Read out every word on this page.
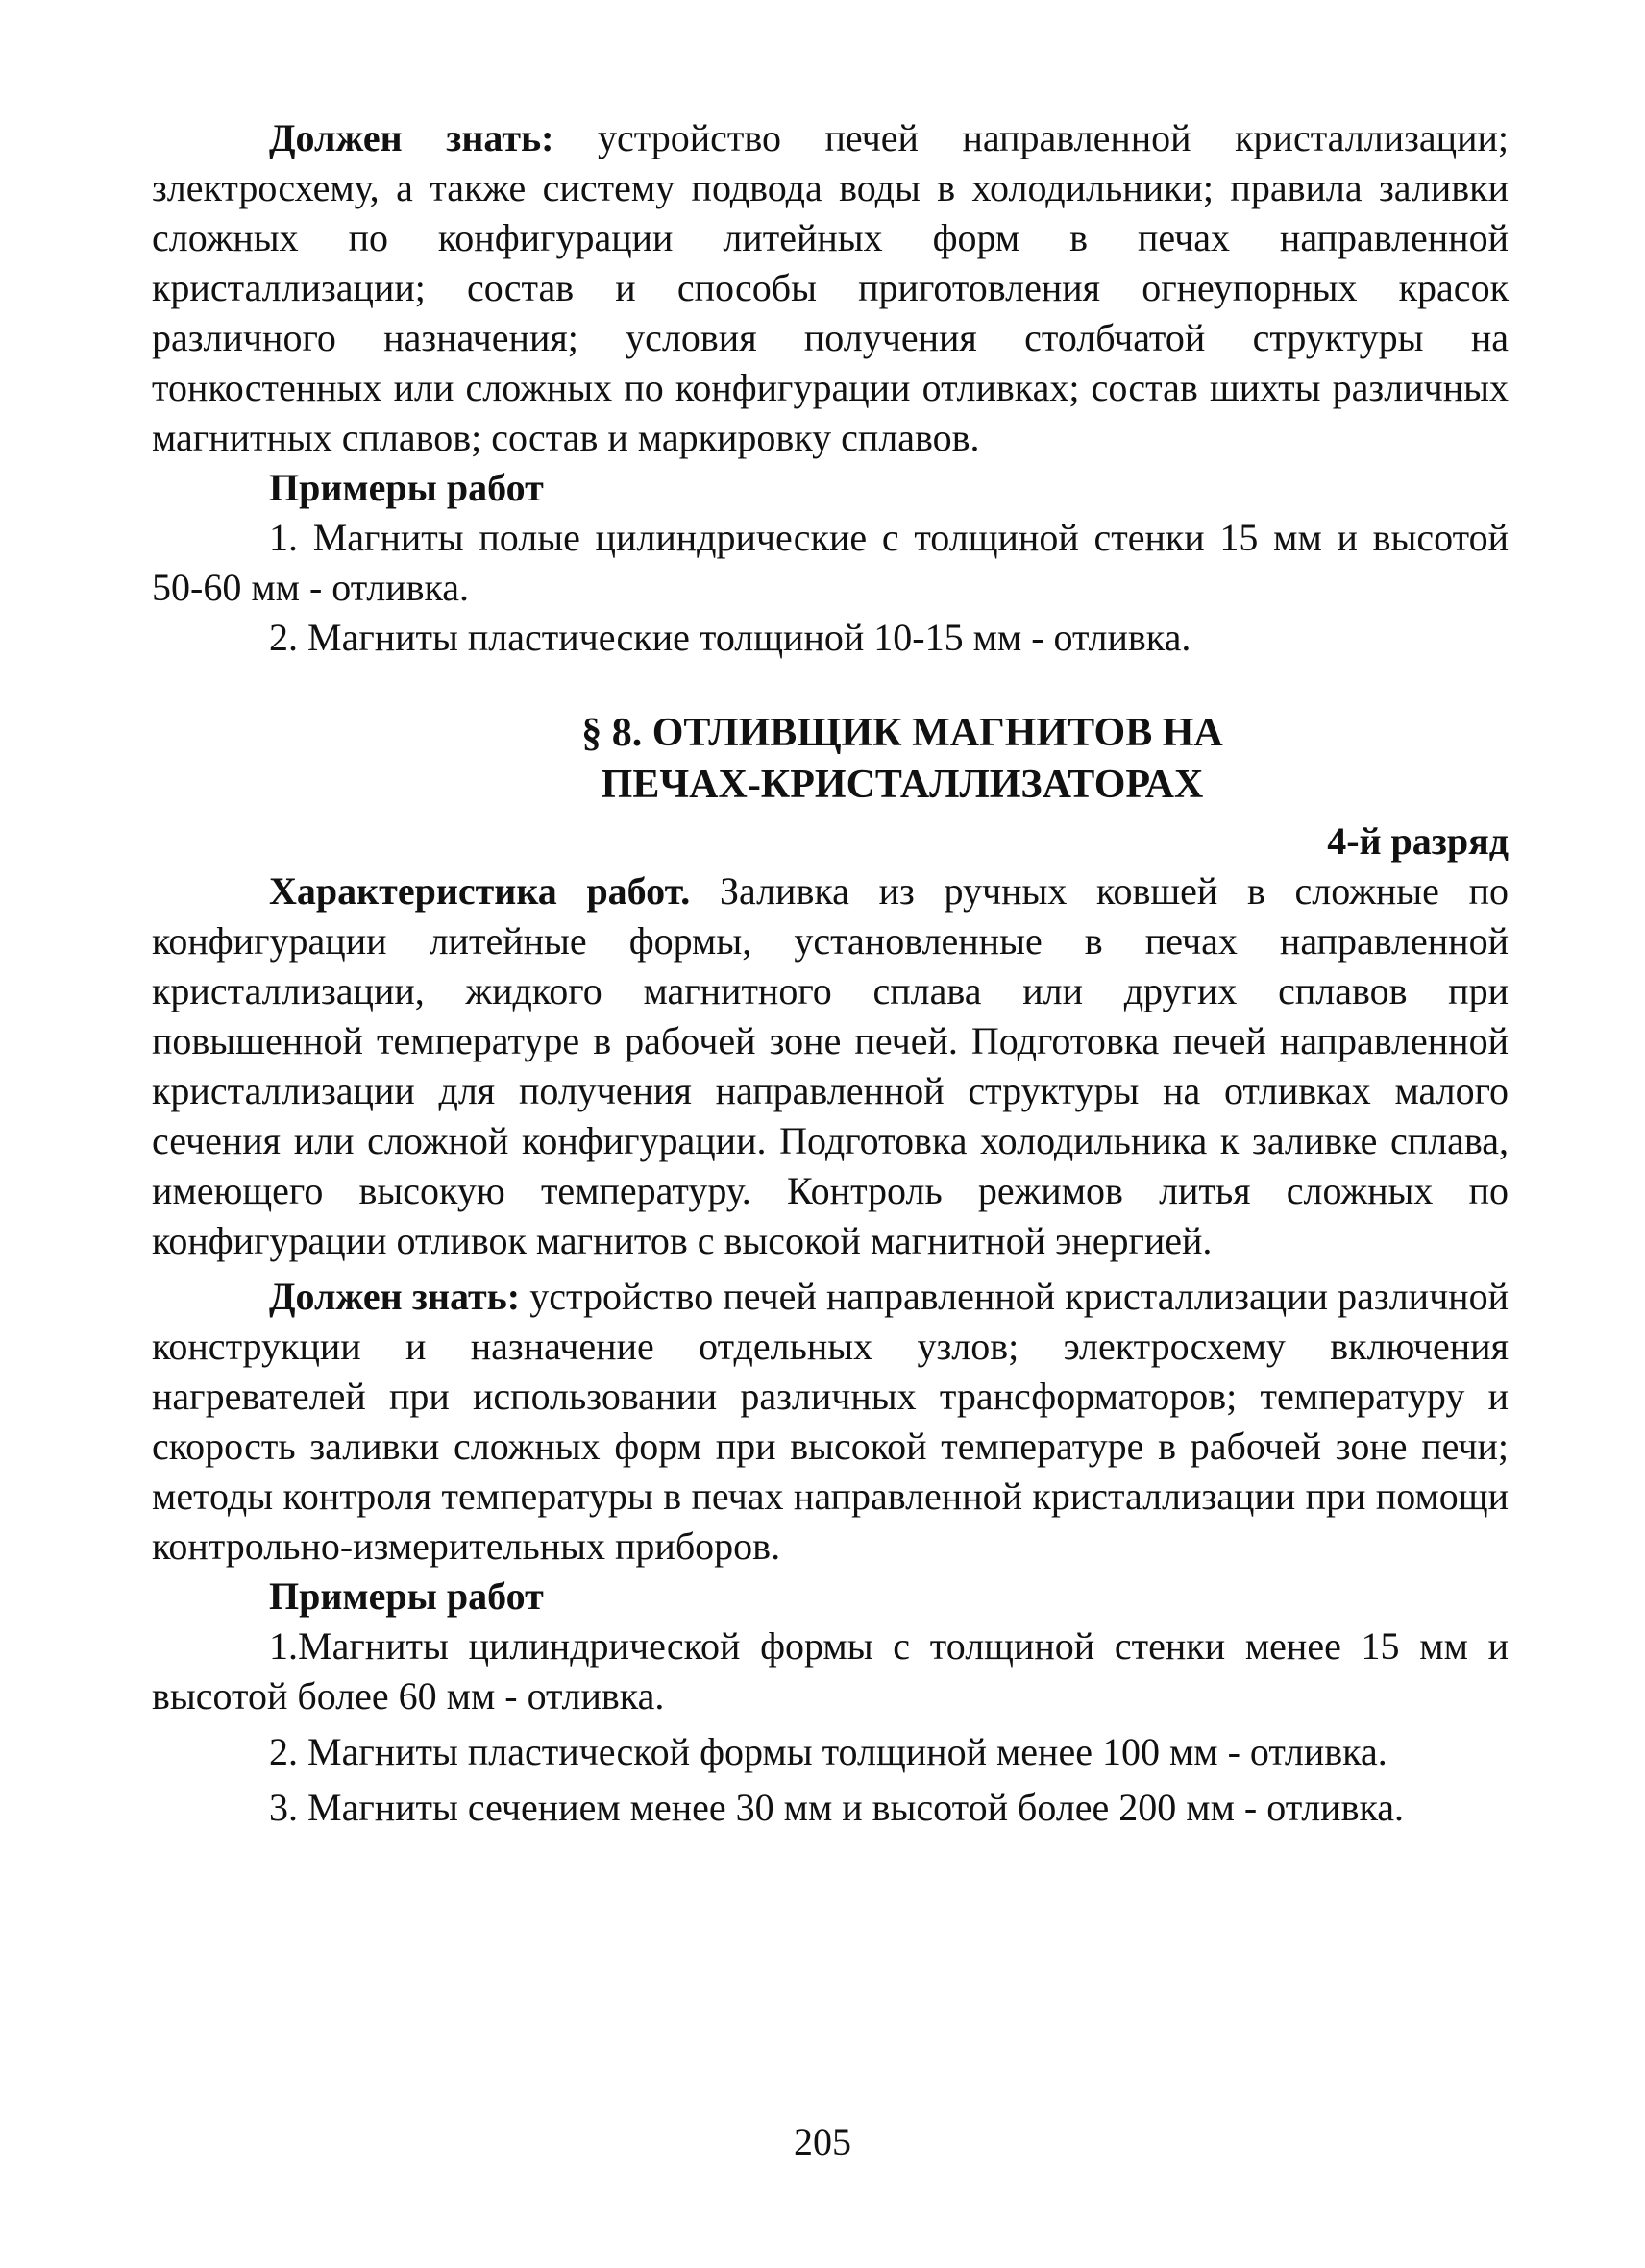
Должен знать: устройство печей направленной кристаллизации; злектросхему, а также систему подвода воды в холодильники; правила заливки сложных по конфигурации литейных форм в печах направленной кристаллизации; состав и способы приготовления огнеупорных красок различного назначения; условия получения столбчатой структуры на тонкостенных или сложных по конфигурации отливках; состав шихты различных магнитных сплавов; состав и маркировку сплавов.

Примеры работ

1. Магниты полые цилиндрические с толщиной стенки 15 мм и высотой 50-60 мм - отливка.

2. Магниты пластические толщиной 10-15 мм - отливка.

§ 8. ОТЛИВЩИК МАГНИТОВ НА
ПЕЧАХ-КРИСТАЛЛИЗАТОРАХ
4-й разряд

Характеристика работ. Заливка из ручных ковшей в сложные по конфигурации литейные формы, установленные в печах направленной кристаллизации, жидкого магнитного сплава или других сплавов при повышенной температуре в рабочей зоне печей. Подготовка печей направленной кристаллизации для получения направленной структуры на отливках малого сечения или сложной конфигурации. Подготовка холодильника к заливке сплава, имеющего высокую температуру. Контроль режимов литья сложных по конфигурации отливок магнитов с высокой магнитной энергией.

Должен знать: устройство печей направленной кристаллизации различной конструкции и назначение отдельных узлов; электросхему включения нагревателей при использовании различных трансформаторов; температуру и скорость заливки сложных форм при высокой температуре в рабочей зоне печи; методы контроля температуры в печах направленной кристаллизации при помощи контрольно-измерительных приборов.

Примеры работ

1.Магниты цилиндрической формы с толщиной стенки менее 15 мм и высотой более 60 мм - отливка.

2. Магниты пластической формы толщиной менее 100 мм - отливка.

3. Магниты сечением менее 30 мм и высотой более 200 мм - отливка.

205
